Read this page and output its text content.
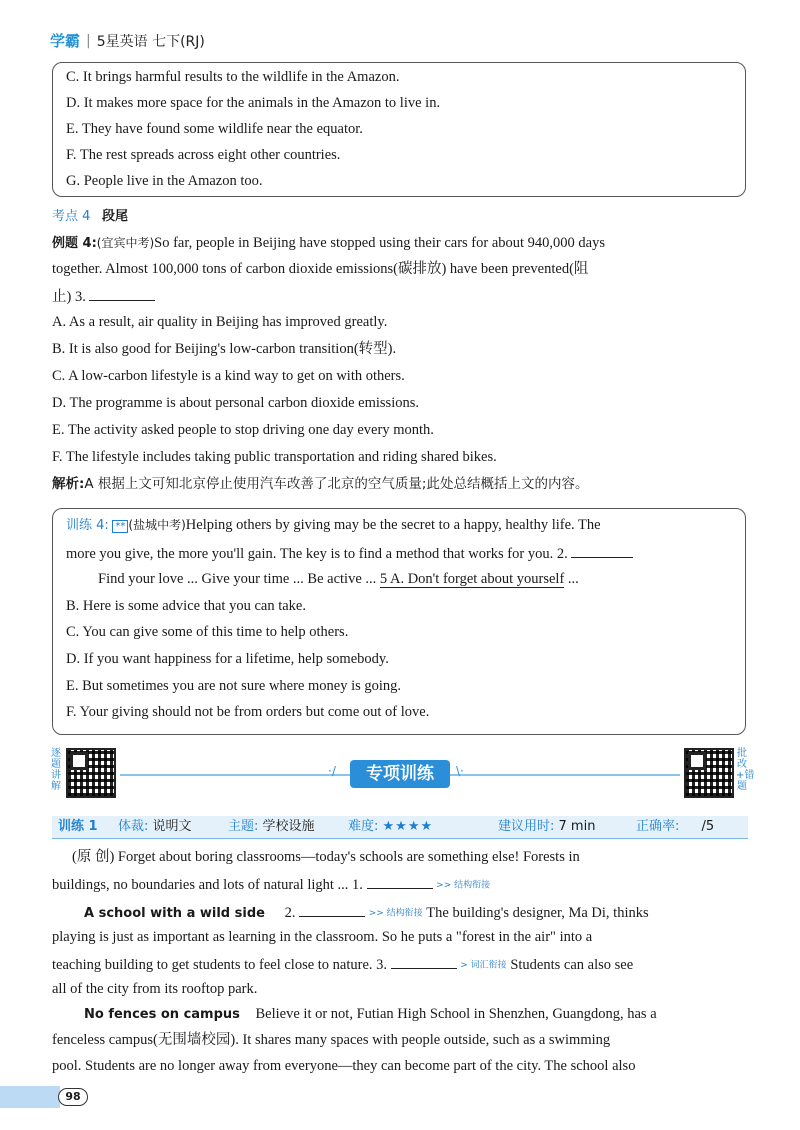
学霸 | 5星英语 七下(RJ)
C. It brings harmful results to the wildlife in the Amazon.
D. It makes more space for the animals in the Amazon to live in.
E. They have found some wildlife near the equator.
F. The rest spreads across eight other countries.
G. People live in the Amazon too.
考点 4 段尾
例题 4:(宜宾中考)So far, people in Beijing have stopped using their cars for about 940,000 days
together. Almost 100,000 tons of carbon dioxide emissions(碳排放) have been prevented(阻
止) 3.
A. As a result, air quality in Beijing has improved greatly.
B. It is also good for Beijing's low-carbon transition(转型).
C. A low-carbon lifestyle is a kind way to get on with others.
D. The programme is about personal carbon dioxide emissions.
E. The activity asked people to stop driving one day every month.
F. The lifestyle includes taking public transportation and riding shared bikes.
解析:A 根据上文可知北京停止使用汽车改善了北京的空气质量;此处总结概括上文的内容。
训练 4: ** (盐城中考)Helping others by giving may be the secret to a happy, healthy life. The
more you give, the more you'll gain. The key is to find a method that works for you. 2.
Find your love ... Give your time ... Be active ... 5 A. Don't forget about yourself ...
B. Here is some advice that you can take.
C. You can give some of this time to help others.
D. If you want happiness for a lifetime, help somebody.
E. But sometimes you are not sure where money is going.
F. Your giving should not be from orders but come out of love.
逐题讲解
·/	专项训练	\·
批改+错题
训练 1 体裁: 说明文	主题: 学校设施	难度: ★★★★	建议用时: 7 min	正确率: /5
(原 创) Forget about boring classrooms—today's schools are something else! Forests in
buildings, no boundaries and lots of natural light ... 1.	>> 结构衔接
A school with a wild side 2.	>> 结构衔接 The building's designer, Ma Di, thinks
playing is just as important as learning in the classroom. So he puts a "forest in the air" into a
teaching building to get students to feel close to nature. 3.	> 词汇衔接 Students can also see
all of the city from its rooftop park.
No fences on campus Believe it or not, Futian High School in Shenzhen, Guangdong, has a
fenceless campus(无围墙校园). It shares many spaces with people outside, such as a swimming
pool. Students are no longer away from everyone—they can become part of the city. The school also
98
